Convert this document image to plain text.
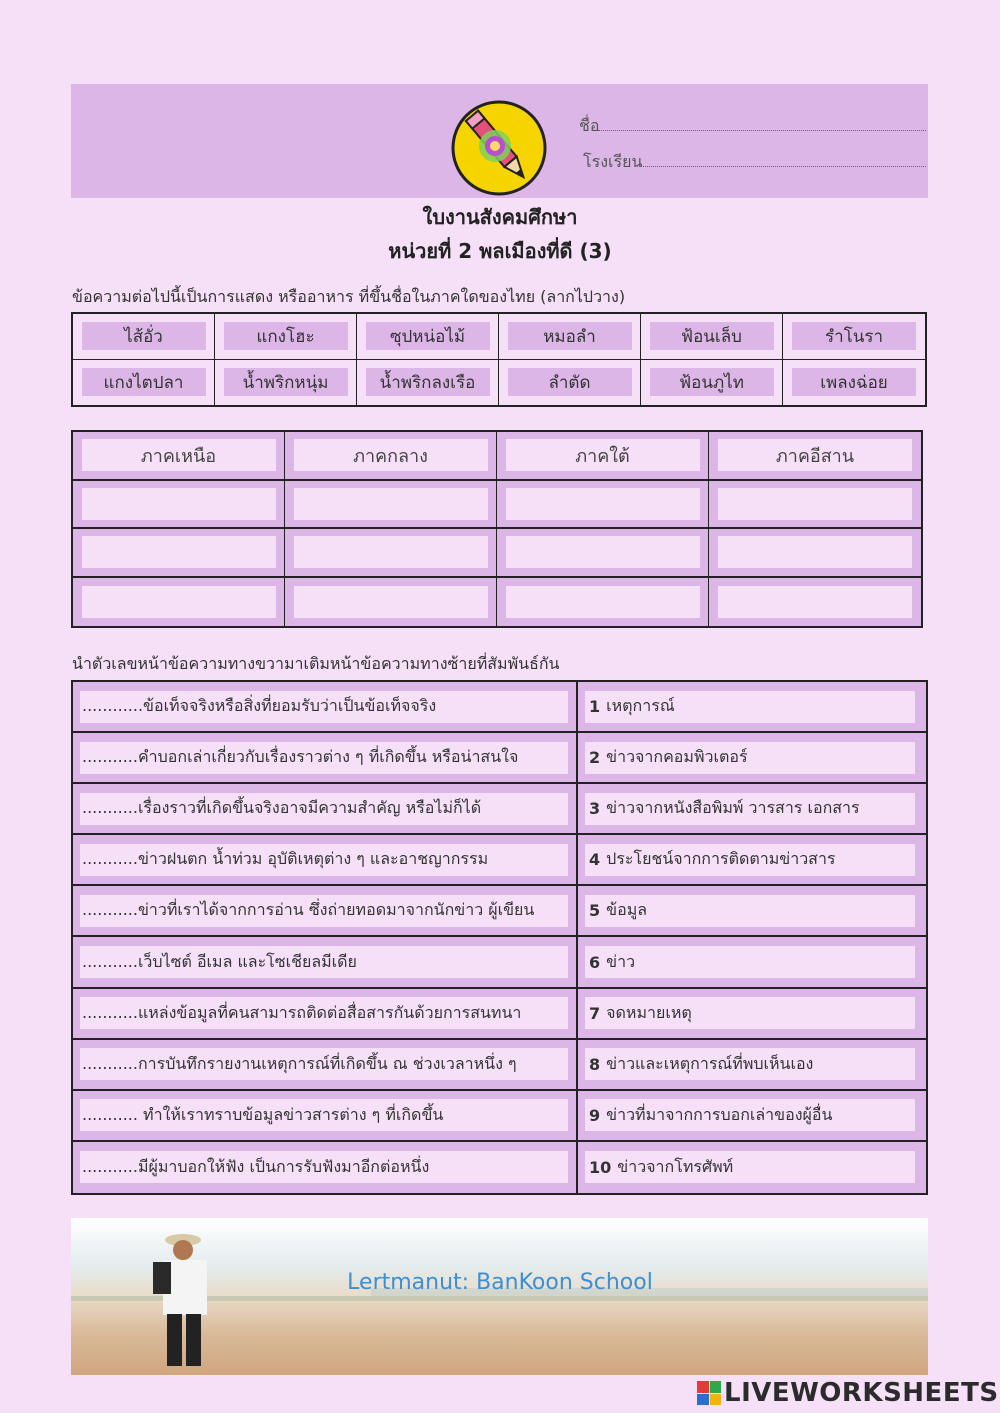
ชื่อ
โรงเรียน
ใบงานสังคมศึกษา
หน่วยที่ 2 พลเมืองที่ดี (3)
ข้อความต่อไปนี้เป็นการแสดง หรืออาหาร ที่ขึ้นชื่อในภาคใดของไทย (ลากไปวาง)
ไส้อั่ว	แกงโฮะ	ซุปหน่อไม้	หมอลำ	ฟ้อนเล็บ	รำโนรา
แกงไตปลา	น้ำพริกหนุ่ม	น้ำพริกลงเรือ	ลำตัด	ฟ้อนภูไท	เพลงฉ่อย
ภาคเหนือ	ภาคกลาง	ภาคใต้	ภาคอีสาน
นำตัวเลขหน้าข้อความทางขวามาเติมหน้าข้อความทางซ้ายที่สัมพันธ์กัน
............ข้อเท็จจริงหรือสิ่งที่ยอมรับว่าเป็นข้อเท็จจริง	1 เหตุการณ์
...........คำบอกเล่าเกี่ยวกับเรื่องราวต่าง ๆ ที่เกิดขึ้น หรือน่าสนใจ	2 ข่าวจากคอมพิวเตอร์
...........เรื่องราวที่เกิดขึ้นจริงอาจมีความสำคัญ หรือไม่ก็ได้	3 ข่าวจากหนังสือพิมพ์ วารสาร เอกสาร
...........ข่าวฝนตก น้ำท่วม อุบัติเหตุต่าง ๆ และอาชญากรรม	4 ประโยชน์จากการติดตามข่าวสาร
...........ข่าวที่เราได้จากการอ่าน ซึ่งถ่ายทอดมาจากนักข่าว ผู้เขียน	5 ข้อมูล
...........เว็บไซต์ อีเมล และโซเชียลมีเดีย	6 ข่าว
...........แหล่งข้อมูลที่คนสามารถติดต่อสื่อสารกันด้วยการสนทนา	7 จดหมายเหตุ
...........การบันทึกรายงานเหตุการณ์ที่เกิดขึ้น ณ ช่วงเวลาหนึ่ง ๆ	8 ข่าวและเหตุการณ์ที่พบเห็นเอง
........... ทำให้เราทราบข้อมูลข่าวสารต่าง ๆ ที่เกิดขึ้น	9 ข่าวที่มาจากการบอกเล่าของผู้อื่น
...........มีผู้มาบอกให้ฟัง เป็นการรับฟังมาอีกต่อหนึ่ง	10 ข่าวจากโทรศัพท์
Lertmanut: BanKoon School
LIVEWORKSHEETS
